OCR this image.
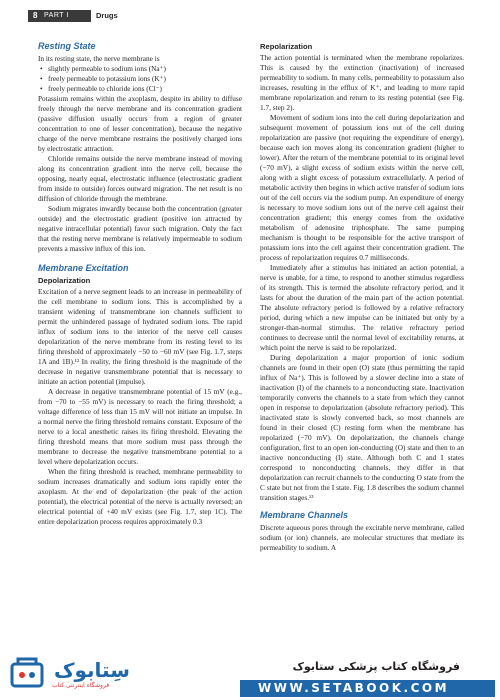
8 PART I	Drugs
Resting State

In its resting state, the nerve membrane is

• slightly permeable to sodium ions (Na⁺)
• freely permeable to potassium ions (K⁺)
• freely permeable to chloride ions (Cl⁻)

Potassium remains within the axoplasm, despite its ability to diffuse freely through the nerve membrane and its concentration gradient (passive diffusion usually occurs from a region of greater concentration to one of lesser concentration), because the negative charge of the nerve membrane restrains the positively charged ions by electrostatic attraction.

Chloride remains outside the nerve membrane instead of moving along its concentration gradient into the nerve cell, because the opposing, nearly equal, electrostatic influence (electrostatic gradient from inside to outside) forces outward migration. The net result is no diffusion of chloride through the membrane.

Sodium migrates inwardly because both the concentration (greater outside) and the electrostatic gradient (positive ion attracted by negative intracellular potential) favor such migration. Only the fact that the resting nerve membrane is relatively impermeable to sodium prevents a massive influx of this ion.

Membrane Excitation
Depolarization

Excitation of a nerve segment leads to an increase in permeability of the cell membrane to sodium ions. This is accomplished by a transient widening of transmembrane ion channels sufficient to permit the unhindered passage of hydrated sodium ions. The rapid influx of sodium ions to the interior of the nerve cell causes depolarization of the nerve membrane from its resting level to its firing threshold of approximately −50 to −60 mV (see Fig. 1.7, steps 1A and 1B).¹² In reality, the firing threshold is the magnitude of the decrease in negative transmembrane potential that is necessary to initiate an action potential (impulse).

A decrease in negative transmembrane potential of 15 mV (e.g., from −70 to −55 mV) is necessary to reach the firing threshold; a voltage difference of less than 15 mV will not initiate an impulse. In a normal nerve the firing threshold remains constant. Exposure of the nerve to a local anesthetic raises its firing threshold. Elevating the firing threshold means that more sodium must pass through the membrane to decrease the negative transmembrane potential to a level where depolarization occurs.

When the firing threshold is reached, membrane permeability to sodium increases dramatically and sodium ions rapidly enter the axoplasm. At the end of depolarization (the peak of the action potential), the electrical potential of the nerve is actually reversed; an electrical potential of +40 mV exists (see Fig. 1.7, step 1C). The entire depolarization process requires approximately 0.3

Repolarization

The action potential is terminated when the membrane repolarizes. This is caused by the extinction (inactivation) of increased permeability to sodium. In many cells, permeability to potassium also increases, resulting in the efflux of K⁺, and leading to more rapid membrane repolarization and return to its resting potential (see Fig. 1.7, step 2).

Movement of sodium ions into the cell during depolarization and subsequent movement of potassium ions out of the cell during repolarization are passive (not requiring the expenditure of energy), because each ion moves along its concentration gradient (higher to lower). After the return of the membrane potential to its original level (−70 mV), a slight excess of sodium exists within the nerve cell, along with a slight excess of potassium extracellularly. A period of metabolic activity then begins in which active transfer of sodium ions out of the cell occurs via the sodium pump. An expenditure of energy is necessary to move sodium ions out of the nerve cell against their concentration gradient; this energy comes from the oxidative metabolism of adenosine triphosphate. The same pumping mechanism is thought to be responsible for the active transport of potassium ions into the cell against their concentration gradient. The process of repolarization requires 0.7 milliseconds.

Immediately after a stimulus has initiated an action potential, a nerve is unable, for a time, to respond to another stimulus regardless of its strength. This is termed the absolute refractory period, and it lasts for about the duration of the main part of the action potential. The absolute refractory period is followed by a relative refractory period, during which a new impulse can be initiated but only by a stronger-than-normal stimulus. The relative refractory period continues to decrease until the normal level of excitability returns, at which point the nerve is said to be repolarized.

During depolarization a major proportion of ionic sodium channels are found in their open (O) state (thus permitting the rapid influx of Na⁺). This is followed by a slower decline into a state of inactivation (I) of the channels to a nonconducting state. Inactivation temporarily converts the channels to a state from which they cannot open in response to depolarization (absolute refractory period). This inactivated state is slowly converted back, so most channels are found in their closed (C) resting form when the membrane has repolarized (−70 mV). On depolarization, the channels change configuration, first to an open ion-conducting (O) state and then to an inactive nonconducting (I) state. Although both C and I states correspond to nonconducting channels, they differ in that depolarization can recruit channels to the conducting O state from the C state but not from the I state. Fig. 1.8 describes the sodium channel transition stages.¹³

Membrane Channels

Discrete aqueous pores through the excitable nerve membrane, called sodium (or ion) channels, are molecular structures that mediate its permeability to sodium. A

سِتابوک
فروشگاه اینترنتی کتاب
فروشگاه کتاب پزشکی ستابوک
WWW.SETABOOK.COM
